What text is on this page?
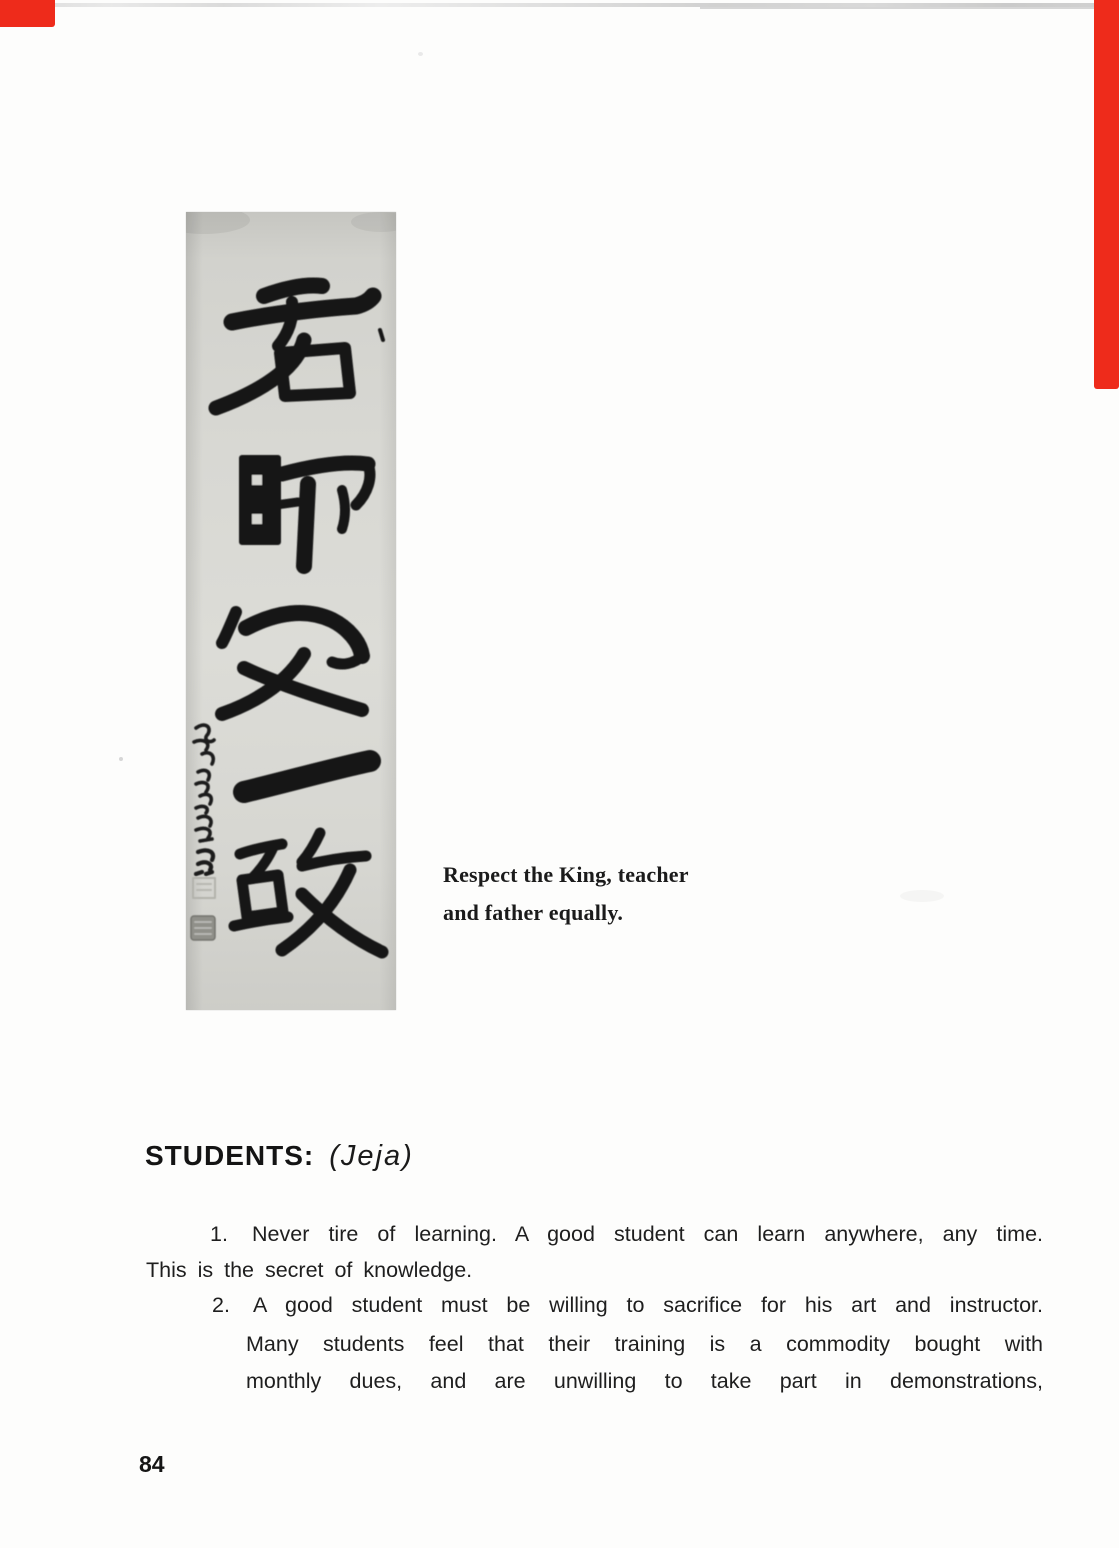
Respect the King, teacher
and father equally.
STUDENTS: (Jeja)
1.	Never tire of learning. A good student can learn anywhere, any time.
This is the secret of knowledge.
2.	A good student must be willing to sacrifice for his art and instructor.
Many students feel that their training is a commodity bought with
monthly dues, and are unwilling to take part in demonstrations,
84
